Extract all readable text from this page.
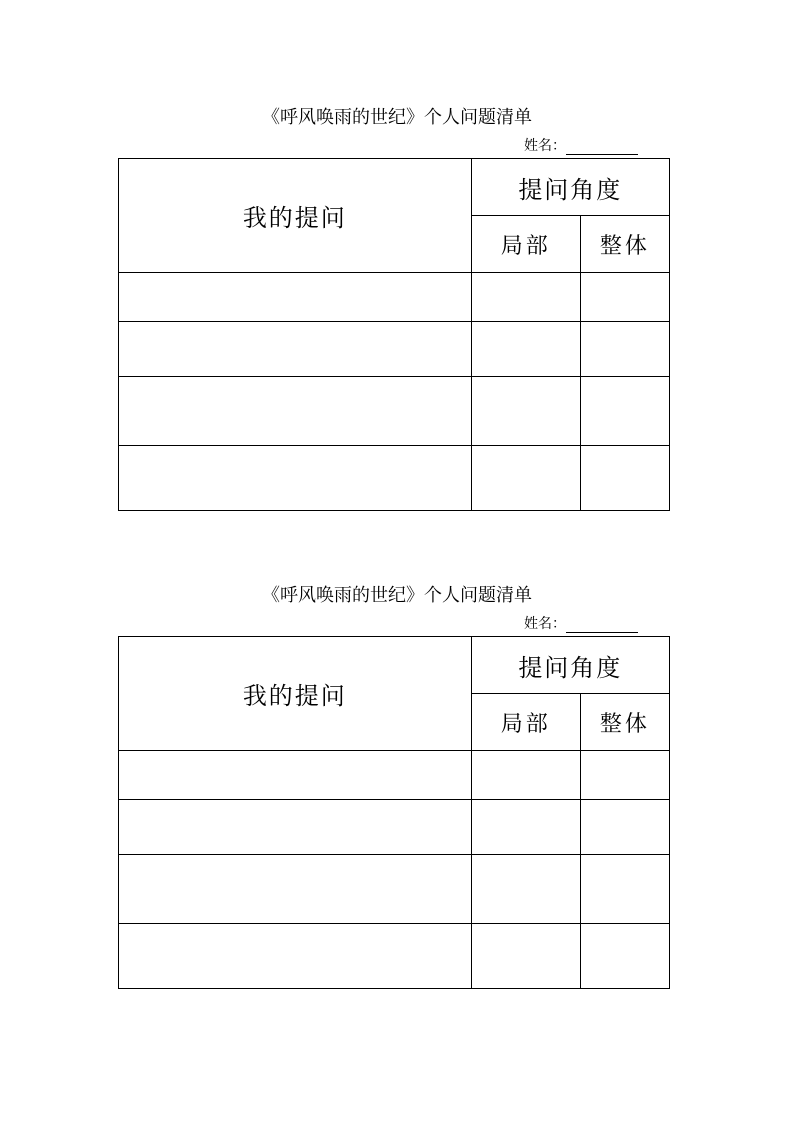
《呼风唤雨的世纪》个人问题清单
姓名：
我的提问	提问角度	
	局部	整体

《呼风唤雨的世纪》个人问题清单
姓名：
我的提问	提问角度	
	局部	整体
